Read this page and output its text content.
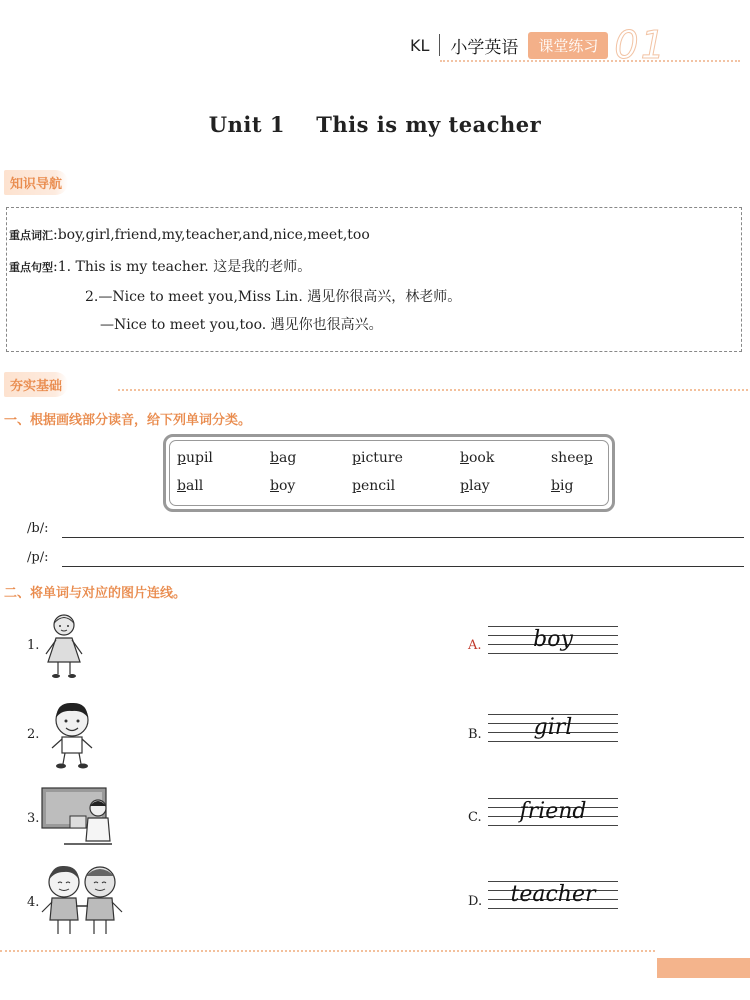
KL 小学英语	课堂练习 01
Unit 1    This is my teacher
知识导航
重点词汇:boy,girl,friend,my,teacher,and,nice,meet,too
重点句型:1. This is my teacher. 这是我的老师。
2.—Nice to meet you,Miss Lin. 遇见你很高兴，林老师。
—Nice to meet you,too. 遇见你也很高兴。
夯实基础
一、根据画线部分读音，给下列单词分类。
pupil	bag	picture	book	sheep
ball	boy	pencil	play	big
/b/:
/p/:
二、将单词与对应的图片连线。
1.
2.
3.
4.
A.	boy
B.	girl
C.	friend
D.	teacher
